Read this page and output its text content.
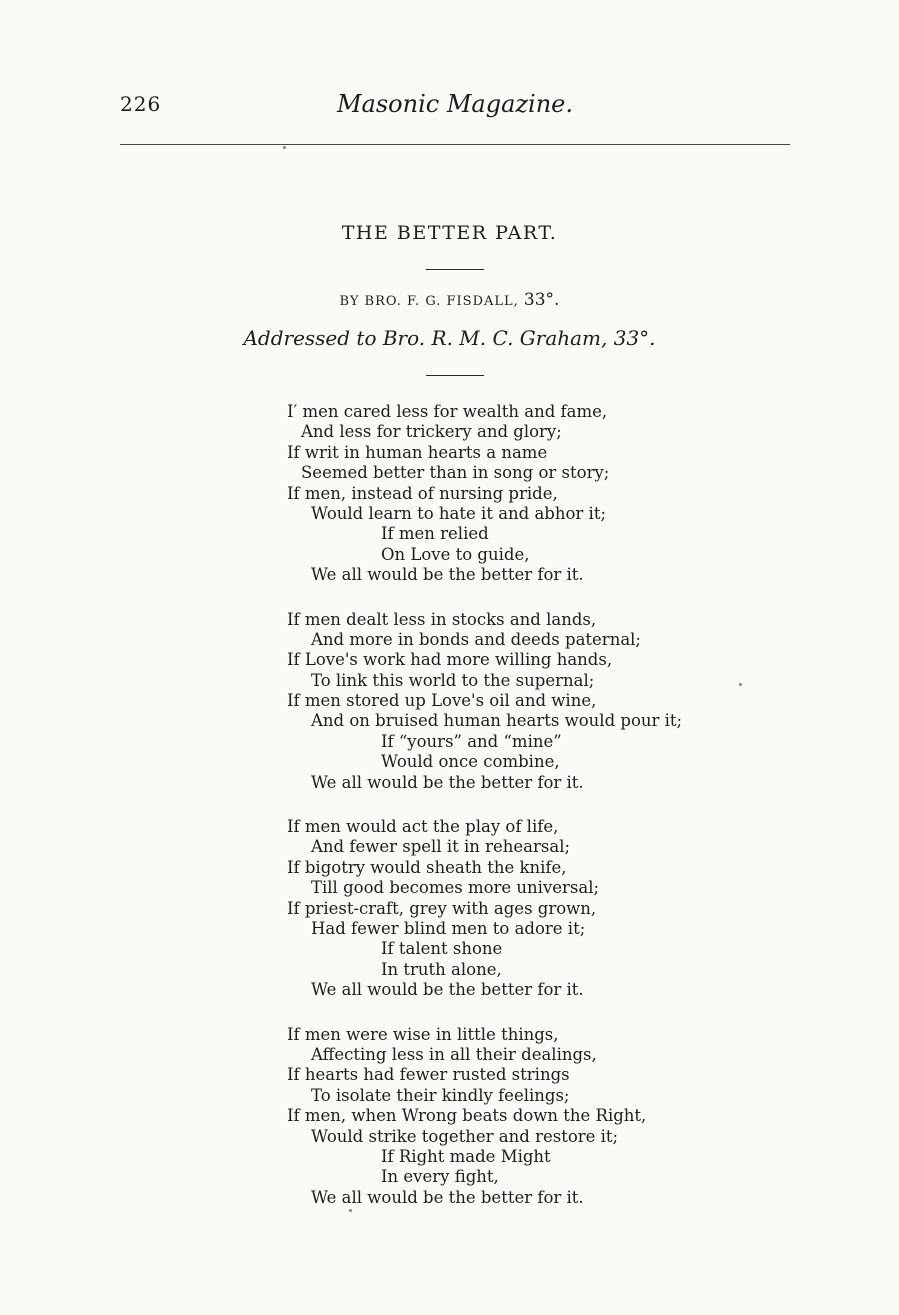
226	Masonic Magazine.
THE BETTER PART.
BY BRO. F. G. FISDALL, 33°.
Addressed to Bro. R. M. C. Graham, 33°.
I′ men cared less for wealth and fame,
And less for trickery and glory;
If writ in human hearts a name
Seemed better than in song or story;
If men, instead of nursing pride,
Would learn to hate it and abhor it;
If men relied
On Love to guide,
We all would be the better for it.
If men dealt less in stocks and lands,
And more in bonds and deeds paternal;
If Love's work had more willing hands,
To link this world to the supernal;
If men stored up Love's oil and wine,
And on bruised human hearts would pour it;
If “yours” and “mine”
Would once combine,
We all would be the better for it.
If men would act the play of life,
And fewer spell it in rehearsal;
If bigotry would sheath the knife,
Till good becomes more universal;
If priest-craft, grey with ages grown,
Had fewer blind men to adore it;
If talent shone
In truth alone,
We all would be the better for it.
If men were wise in little things,
Affecting less in all their dealings,
If hearts had fewer rusted strings
To isolate their kindly feelings;
If men, when Wrong beats down the Right,
Would strike together and restore it;
If Right made Might
In every fight,
We all would be the better for it.
